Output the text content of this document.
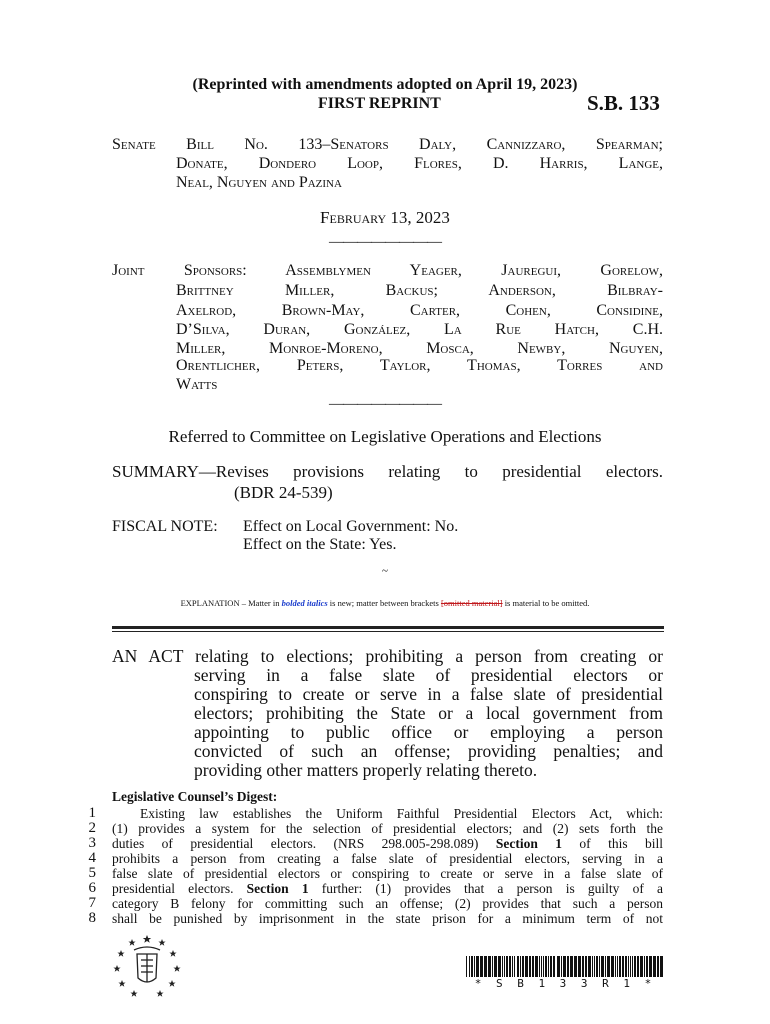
(Reprinted with amendments adopted on April 19, 2023)
FIRST REPRINT	S.B. 133
Senate Bill No. 133–Senators Daly, Cannizzaro, Spearman;
Donate, Dondero Loop, Flores, D. Harris, Lange,
Neal, Nguyen and Pazina
February 13, 2023
————————
Joint Sponsors: Assemblymen Yeager, Jauregui, Gorelow,
Brittney Miller, Backus; Anderson, Bilbray-
Axelrod, Brown-May, Carter, Cohen, Considine,
D’Silva, Duran, González, La Rue Hatch, C.H.
Miller, Monroe-Moreno, Mosca, Newby, Nguyen,
Orentlicher, Peters, Taylor, Thomas, Torres and
Watts
————————
Referred to Committee on Legislative Operations and Elections
SUMMARY—Revises provisions relating to presidential electors.
(BDR 24-539)
FISCAL NOTE: Effect on Local Government: No.
Effect on the State: Yes.
~
EXPLANATION – Matter in bolded italics is new; matter between brackets [omitted material] is material to be omitted.
AN ACT relating to elections; prohibiting a person from creating or
serving in a false slate of presidential electors or
conspiring to create or serve in a false slate of presidential
electors; prohibiting the State or a local government from
appointing to public office or employing a person
convicted of such an offense; providing penalties; and
providing other matters properly relating thereto.
Legislative Counsel’s Digest:
1
2
3
4
5
6
7
8
Existing law establishes the Uniform Faithful Presidential Electors Act, which:
(1) provides a system for the selection of presidential electors; and (2) sets forth the
duties of presidential electors. (NRS 298.005-298.089) Section 1 of this bill
prohibits a person from creating a false slate of presidential electors, serving in a
false slate of presidential electors or conspiring to create or serve in a false slate of
presidential electors. Section 1 further: (1) provides that a person is guilty of a
category B felony for committing such an offense; (2) provides that such a person
shall be punished by imprisonment in the state prison for a minimum term of not
* S B 1 3 3 R 1 *
